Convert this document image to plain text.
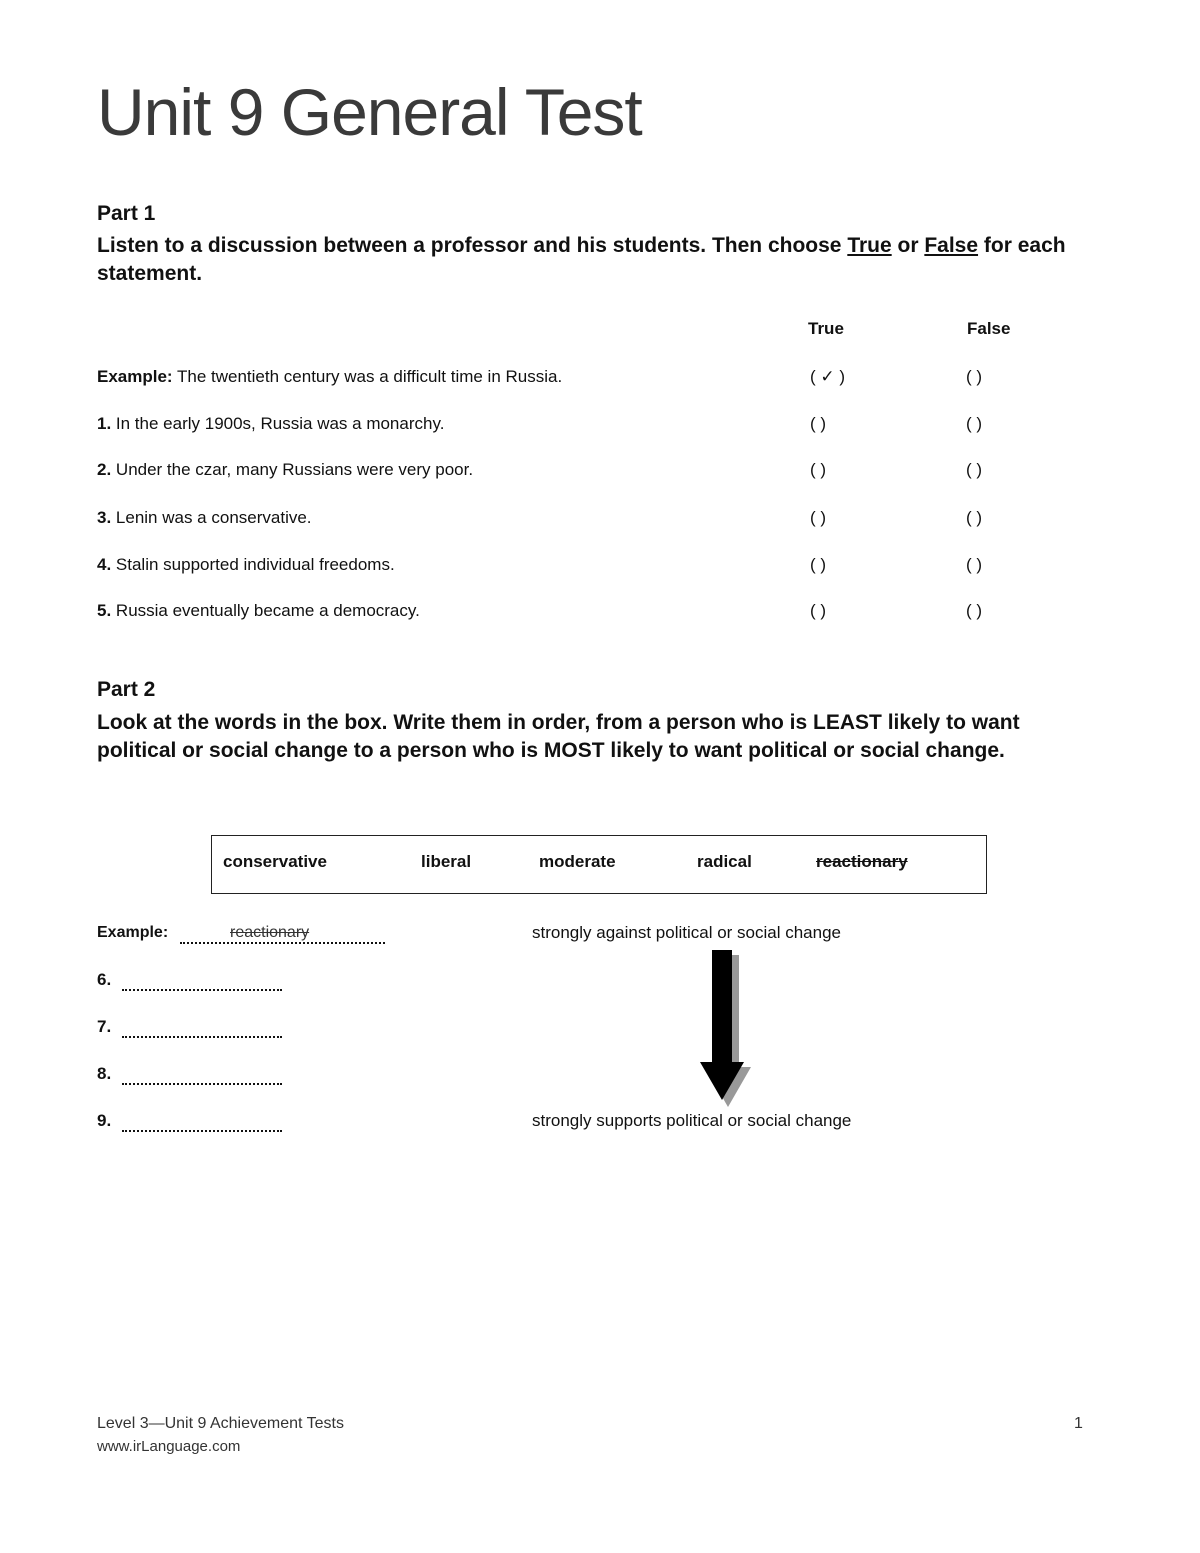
Unit 9 General Test
Part 1
Listen to a discussion between a professor and his students. Then choose True or False for each statement.
True	False
Example: The twentieth century was a difficult time in Russia.	( ✓ )	( )
1. In the early 1900s, Russia was a monarchy.	( )	( )
2. Under the czar, many Russians were very poor.	( )	( )
3. Lenin was a conservative.	( )	( )
4. Stalin supported individual freedoms.	( )	( )
5. Russia eventually became a democracy.	( )	( )
Part 2
Look at the words in the box. Write them in order, from a person who is LEAST likely to want political or social change to a person who is MOST likely to want political or social change.
conservative	liberal	moderate	radical	reactionary
Example:	reactionary	strongly against political or social change
6.
7.
8.
9.	strongly supports political or social change
Level 3—Unit 9 Achievement Tests
www.irLanguage.com
1
